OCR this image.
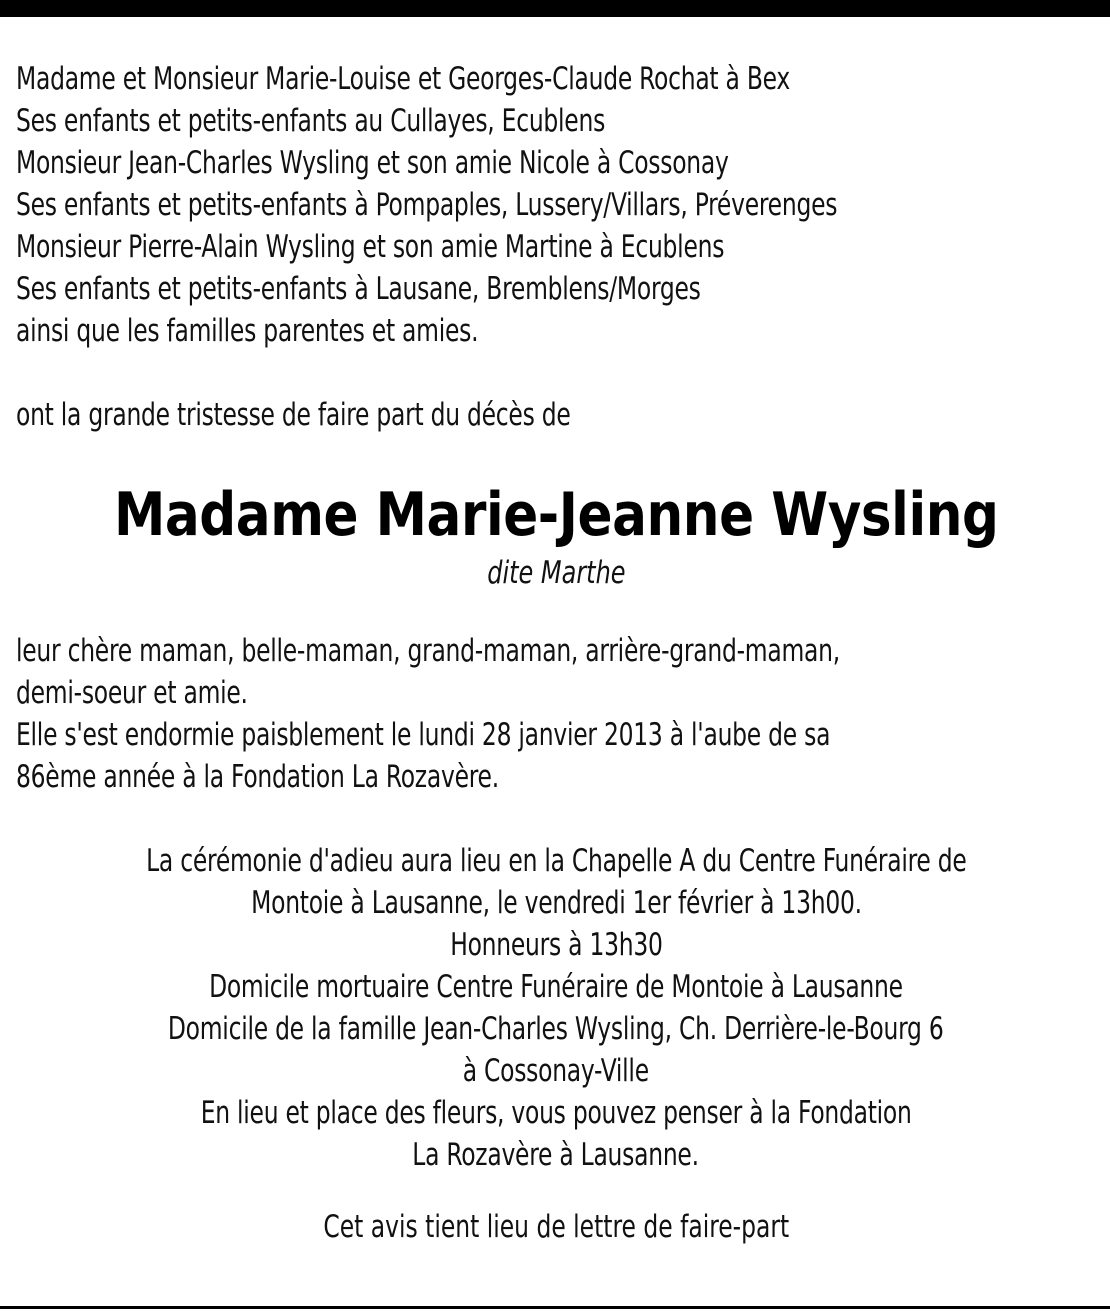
Madame et Monsieur Marie-Louise et Georges-Claude Rochat à Bex
Ses enfants et petits-enfants au Cullayes, Ecublens
Monsieur Jean-Charles Wysling et son amie Nicole à Cossonay
Ses enfants et petits-enfants à Pompaples, Lussery/Villars, Préverenges
Monsieur Pierre-Alain Wysling et son amie Martine à Ecublens
Ses enfants et petits-enfants à Lausane, Bremblens/Morges
ainsi que les familles parentes et amies.
ont la grande tristesse de faire part du décès de
Madame Marie-Jeanne Wysling
dite Marthe
leur chère maman, belle-maman, grand-maman, arrière-grand-maman,
demi-soeur et amie.
Elle s'est endormie paisblement le lundi 28 janvier 2013 à l'aube de sa
86ème année à la Fondation La Rozavère.
La cérémonie d'adieu aura lieu en la Chapelle A du Centre Funéraire de
Montoie à Lausanne, le vendredi 1er février à 13h00.
Honneurs à 13h30
Domicile mortuaire Centre Funéraire de Montoie à Lausanne
Domicile de la famille Jean-Charles Wysling, Ch. Derrière-le-Bourg 6
à Cossonay-Ville
En lieu et place des fleurs, vous pouvez penser à la Fondation
La Rozavère à Lausanne.
Cet avis tient lieu de lettre de faire-part
